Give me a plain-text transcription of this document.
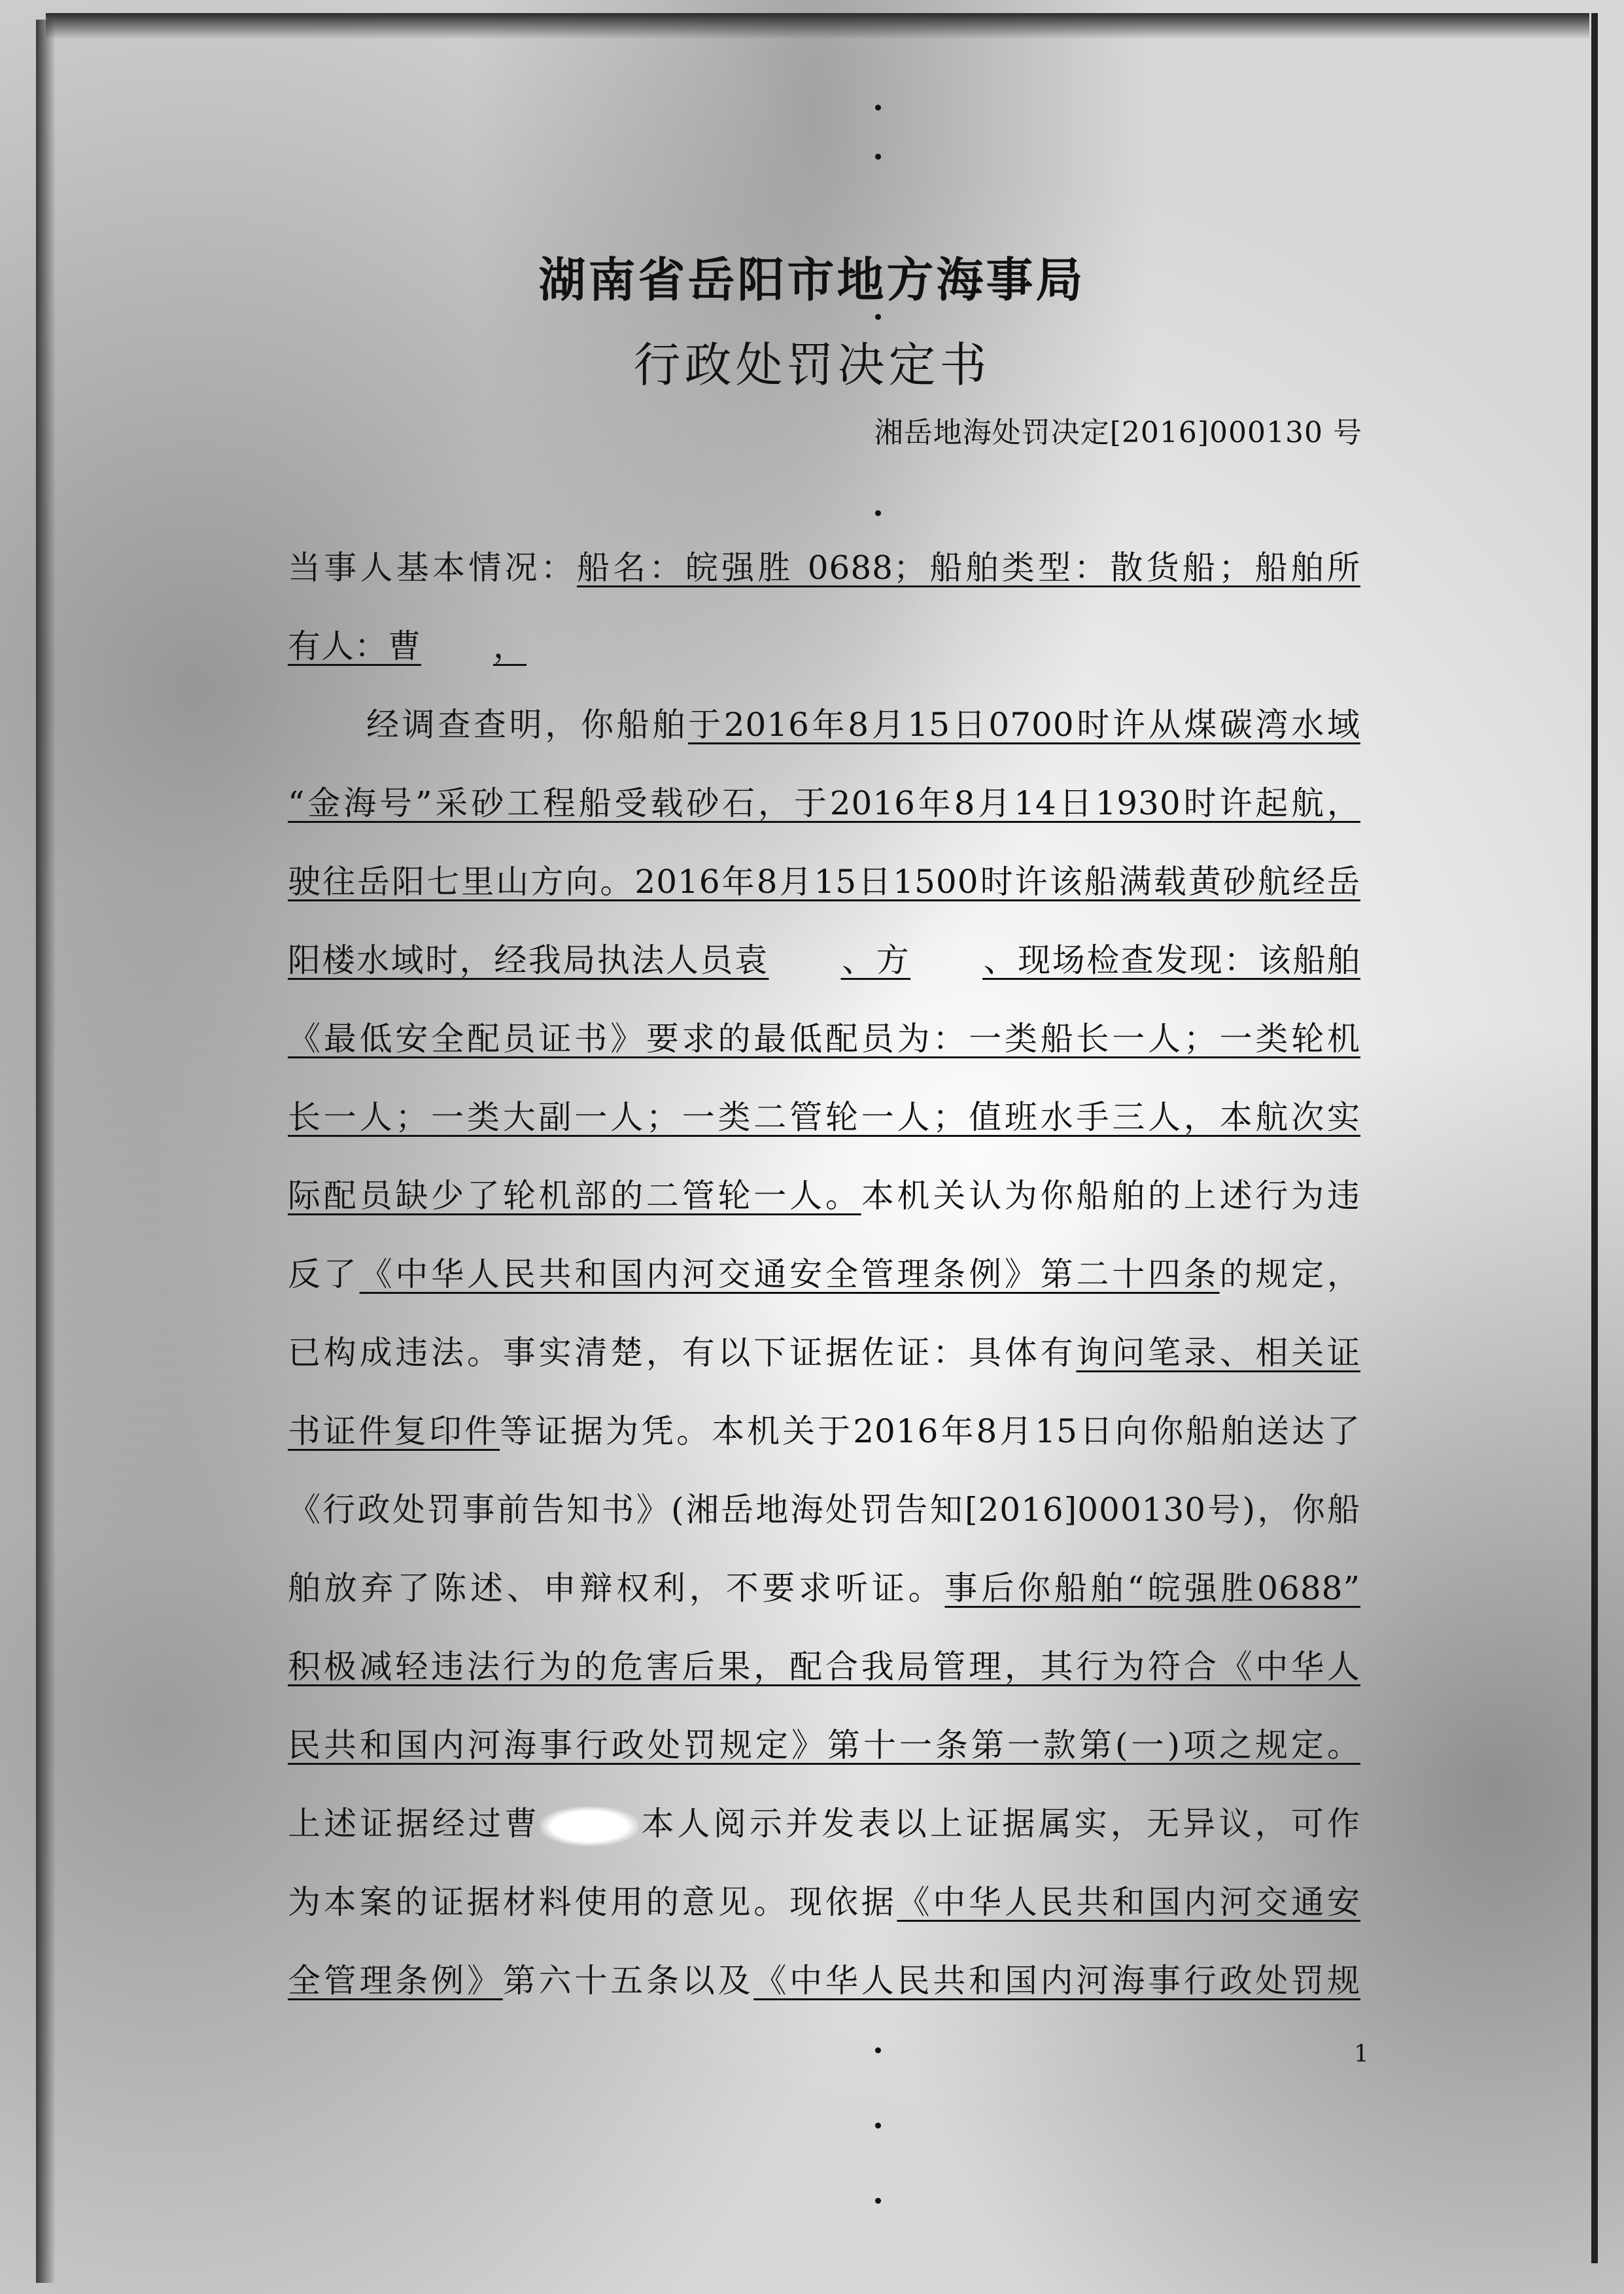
湖南省岳阳市地方海事局
行政处罚决定书
湘岳地海处罚决定[2016]000130 号
当事人基本情况：船名：皖强胜 0688；船舶类型：散货船；船舶所
有人：曹 ，
经调查查明，你船舶于2016年8月15日0700时许从煤碳湾水域
“金海号”采砂工程船受载砂石，于2016年8月14日1930时许起航，
驶往岳阳七里山方向。2016年8月15日1500时许该船满载黄砂航经岳
阳楼水域时，经我局执法人员袁 、方 、现场检查发现：该船舶
《最低安全配员证书》要求的最低配员为：一类船长一人；一类轮机
长一人；一类大副一人；一类二管轮一人；值班水手三人，本航次实
际配员缺少了轮机部的二管轮一人。本机关认为你船舶的上述行为违
反了《中华人民共和国内河交通安全管理条例》第二十四条的规定，
已构成违法。事实清楚，有以下证据佐证：具体有询问笔录、相关证
书证件复印件等证据为凭。本机关于2016年8月15日向你船舶送达了
《行政处罚事前告知书》(湘岳地海处罚告知[2016]000130号)，你船
舶放弃了陈述、申辩权利，不要求听证。事后你船舶“皖强胜0688”
积极减轻违法行为的危害后果，配合我局管理，其行为符合《中华人
民共和国内河海事行政处罚规定》第十一条第一款第(一)项之规定。
上述证据经过曹	本人阅示并发表以上证据属实，无异议，可作
为本案的证据材料使用的意见。现依据《中华人民共和国内河交通安
全管理条例》第六十五条以及《中华人民共和国内河海事行政处罚规
1
